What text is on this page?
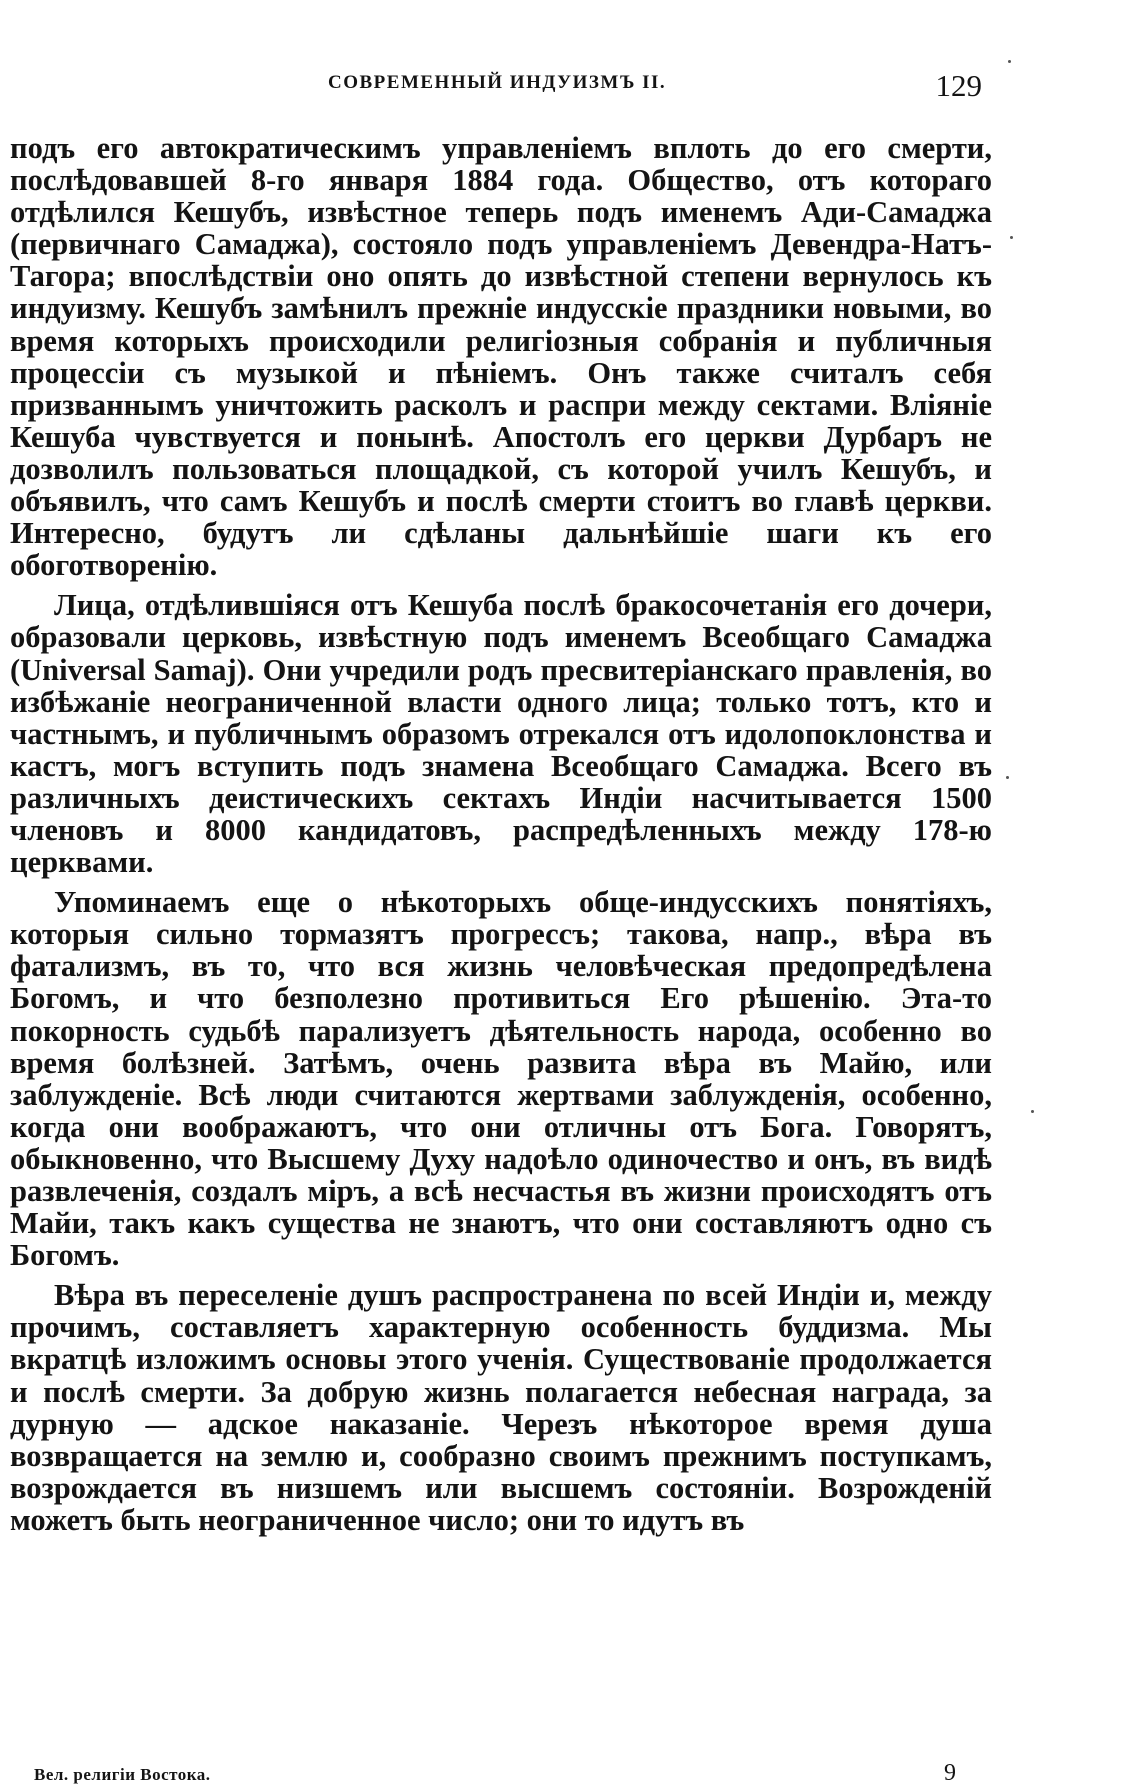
СОВРЕМЕННЫЙ ИНДУИЗМЪ II.	129

подъ его автократическимъ управленіемъ вплоть до его смерти, послѣдовавшей 8-го января 1884 года. Общество, отъ котораго отдѣлился Кешубъ, извѣстное теперь подъ именемъ Ади-Самаджа (первичнаго Самаджа), состояло подъ управленіемъ Девендра-Натъ-Тагора; впослѣдствіи оно опять до извѣстной степени вернулось къ индуизму. Кешубъ замѣнилъ прежніе индусскіе праздники новыми, во время которыхъ происходили религіозныя собранія и публичныя процессіи съ музыкой и пѣніемъ. Онъ также считалъ себя призваннымъ уничтожить расколъ и распри между сектами. Вліяніе Кешуба чувствуется и понынѣ. Апостолъ его церкви Дурбаръ не дозволилъ пользоваться площадкой, съ которой училъ Кешубъ, и объявилъ, что самъ Кешубъ и послѣ смерти стоитъ во главѣ церкви. Интересно, будутъ ли сдѣланы дальнѣйшіе шаги къ его обоготворенію.

Лица, отдѣлившіяся отъ Кешуба послѣ бракосочетанія его дочери, образовали церковь, извѣстную подъ именемъ Всеобщаго Самаджа (Universal Samaj). Они учредили родъ пресвитеріанскаго правленія, во избѣжаніе неограниченной власти одного лица; только тотъ, кто и частнымъ, и публичнымъ образомъ отрекался отъ идолопоклонства и кастъ, могъ вступить подъ знамена Всеобщаго Самаджа. Всего въ различныхъ деистическихъ сектахъ Индіи насчитывается 1500 членовъ и 8000 кандидатовъ, распредѣленныхъ между 178-ю церквами.

Упоминаемъ еще о нѣкоторыхъ обще-индусскихъ понятіяхъ, которыя сильно тормазятъ прогрессъ; такова, напр., вѣра въ фатализмъ, въ то, что вся жизнь человѣческая предопредѣлена Богомъ, и что безполезно противиться Его рѣшенію. Эта-то покорность судьбѣ парализуетъ дѣятельность народа, особенно во время болѣзней. Затѣмъ, очень развита вѣра въ Майю, или заблужденіе. Всѣ люди считаются жертвами заблужденія, особенно, когда они воображаютъ, что они отличны отъ Бога. Говорятъ, обыкновенно, что Высшему Духу надоѣло одиночество и онъ, въ видѣ развлеченія, создалъ міръ, а всѣ несчастья въ жизни происходятъ отъ Майи, такъ какъ существа не знаютъ, что они составляютъ одно съ Богомъ.

Вѣра въ переселеніе душъ распространена по всей Индіи и, между прочимъ, составляетъ характерную особенность буддизма. Мы вкратцѣ изложимъ основы этого ученія. Существованіе продолжается и послѣ смерти. За добрую жизнь полагается небесная награда, за дурную — адское наказаніе. Черезъ нѣкоторое время душа возвращается на землю и, сообразно своимъ прежнимъ поступкамъ, возрождается въ низшемъ или высшемъ состояніи. Возрожденій можетъ быть неограниченное число; они то идутъ въ

Вел. религіи Востока.	9
